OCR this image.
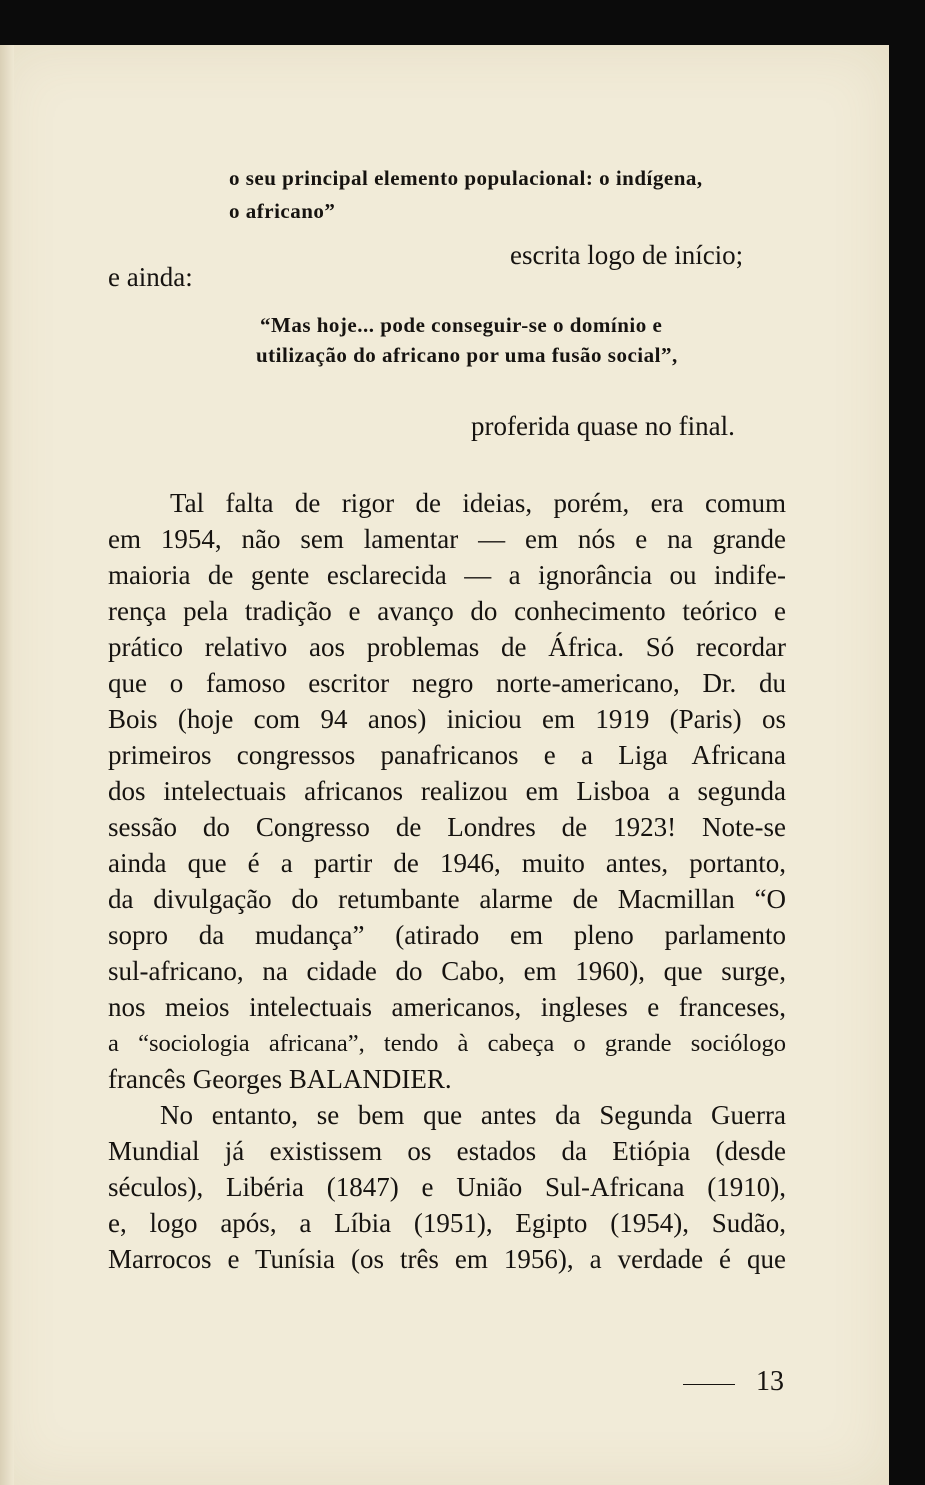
o seu principal elemento populacional: o indígena,
o africano”
escrita logo de início;
e ainda:
“Mas hoje... pode conseguir-se o domínio e
utilização do africano por uma fusão social”,
proferida quase no final.
Tal falta de rigor de ideias, porém, era comum
em 1954, não sem lamentar — em nós e na grande
maioria de gente esclarecida — a ignorância ou indife-
rença pela tradição e avanço do conhecimento teórico e
prático relativo aos problemas de África. Só recordar
que o famoso escritor negro norte-americano, Dr. du
Bois (hoje com 94 anos) iniciou em 1919 (Paris) os
primeiros congressos panafricanos e a Liga Africana
dos intelectuais africanos realizou em Lisboa a segunda
sessão do Congresso de Londres de 1923! Note-se
ainda que é a partir de 1946, muito antes, portanto,
da divulgação do retumbante alarme de Macmillan “O
sopro da mudança” (atirado em pleno parlamento
sul-africano, na cidade do Cabo, em 1960), que surge,
nos meios intelectuais americanos, ingleses e franceses,
a “sociologia africana”, tendo à cabeça o grande sociólogo
francês Georges BALANDIER.
No entanto, se bem que antes da Segunda Guerra
Mundial já existissem os estados da Etiópia (desde
séculos), Libéria (1847) e União Sul-Africana (1910),
e, logo após, a Líbia (1951), Egipto (1954), Sudão,
Marrocos e Tunísia (os três em 1956), a verdade é que
13
